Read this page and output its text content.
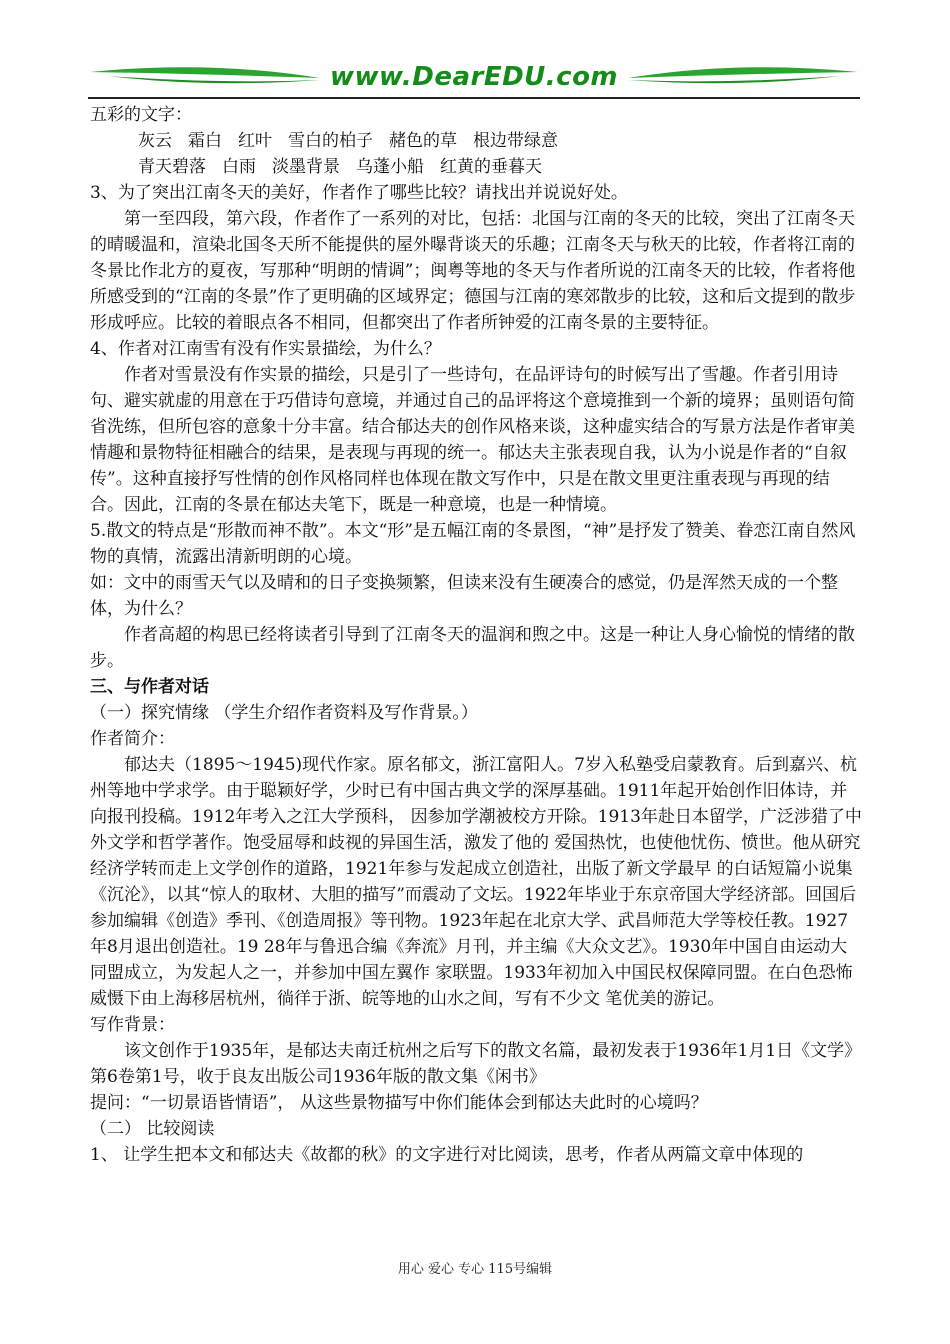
www.DearEDU.com

五彩的文字：

灰云 霜白 红叶 雪白的柏子 赭色的草 根边带绿意

青天碧落 白雨 淡墨背景 乌蓬小船 红黄的垂暮天

3、为了突出江南冬天的美好，作者作了哪些比较？请找出并说说好处。

第一至四段，第六段，作者作了一系列的对比，包括：北国与江南的冬天的比较，突出了江南冬天的晴暖温和，渲染北国冬天所不能提供的屋外曝背谈天的乐趣；江南冬天与秋天的比较，作者将江南的冬景比作北方的夏夜，写那种“明朗的情调”；闽粤等地的冬天与作者所说的江南冬天的比较，作者将他所感受到的“江南的冬景”作了更明确的区域界定；德国与江南的寒郊散步的比较，这和后文提到的散步形成呼应。比较的着眼点各不相同，但都突出了作者所钟爱的江南冬景的主要特征。

4、作者对江南雪有没有作实景描绘，为什么？

作者对雪景没有作实景的描绘，只是引了一些诗句，在品评诗句的时候写出了雪趣。作者引用诗句、避实就虚的用意在于巧借诗句意境，并通过自己的品评将这个意境推到一个新的境界；虽则语句简省洗练，但所包容的意象十分丰富。结合郁达夫的创作风格来谈，这种虚实结合的写景方法是作者审美情趣和景物特征相融合的结果，是表现与再现的统一。郁达夫主张表现自我，认为小说是作者的“自叙传”。这种直接抒写性情的创作风格同样也体现在散文写作中，只是在散文里更注重表现与再现的结合。因此，江南的冬景在郁达夫笔下，既是一种意境，也是一种情境。

5.散文的特点是“形散而神不散”。本文“形”是五幅江南的冬景图，“神”是抒发了赞美、眷恋江南自然风物的真情，流露出清新明朗的心境。

如：文中的雨雪天气以及晴和的日子变换频繁，但读来没有生硬凑合的感觉，仍是浑然天成的一个整体，为什么？

作者高超的构思已经将读者引导到了江南冬天的温润和煦之中。这是一种让人身心愉悦的情绪的散步。

三、与作者对话

（一）探究情缘 （学生介绍作者资料及写作背景。）

作者简介：

郁达夫（1895～1945)现代作家。原名郁文，浙江富阳人。7岁入私塾受启蒙教育。后到嘉兴、杭州等地中学求学。由于聪颖好学，少时已有中国古典文学的深厚基础。1911年起开始创作旧体诗，并向报刊投稿。1912年考入之江大学预科， 因参加学潮被校方开除。1913年赴日本留学，广泛涉猎了中外文学和哲学著作。饱受屈辱和歧视的异国生活，激发了他的 爱国热忱，也使他忧伤、愤世。他从研究经济学转而走上文学创作的道路，1921年参与发起成立创造社，出版了新文学最早 的白话短篇小说集《沉沦》，以其“惊人的取材、大胆的描写”而震动了文坛。1922年毕业于东京帝国大学经济部。回国后 参加编辑《创造》季刊、《创造周报》等刊物。1923年起在北京大学、武昌师范大学等校任教。1927年8月退出创造社。19 28年与鲁迅合编《奔流》月刊，并主编《大众文艺》。1930年中国自由运动大同盟成立，为发起人之一，并参加中国左翼作 家联盟。1933年初加入中国民权保障同盟。在白色恐怖威慑下由上海移居杭州，徜徉于浙、皖等地的山水之间，写有不少文 笔优美的游记。

写作背景：

该文创作于1935年，是郁达夫南迁杭州之后写下的散文名篇，最初发表于1936年1月1日《文学》第6卷第1号，收于良友出版公司1936年版的散文集《闲书》

提问：“一切景语皆情语”， 从这些景物描写中你们能体会到郁达夫此时的心境吗？

（二） 比较阅读

1、 让学生把本文和郁达夫《故都的秋》的文字进行对比阅读，思考，作者从两篇文章中体现的

用心 爱心 专心 115号编辑
